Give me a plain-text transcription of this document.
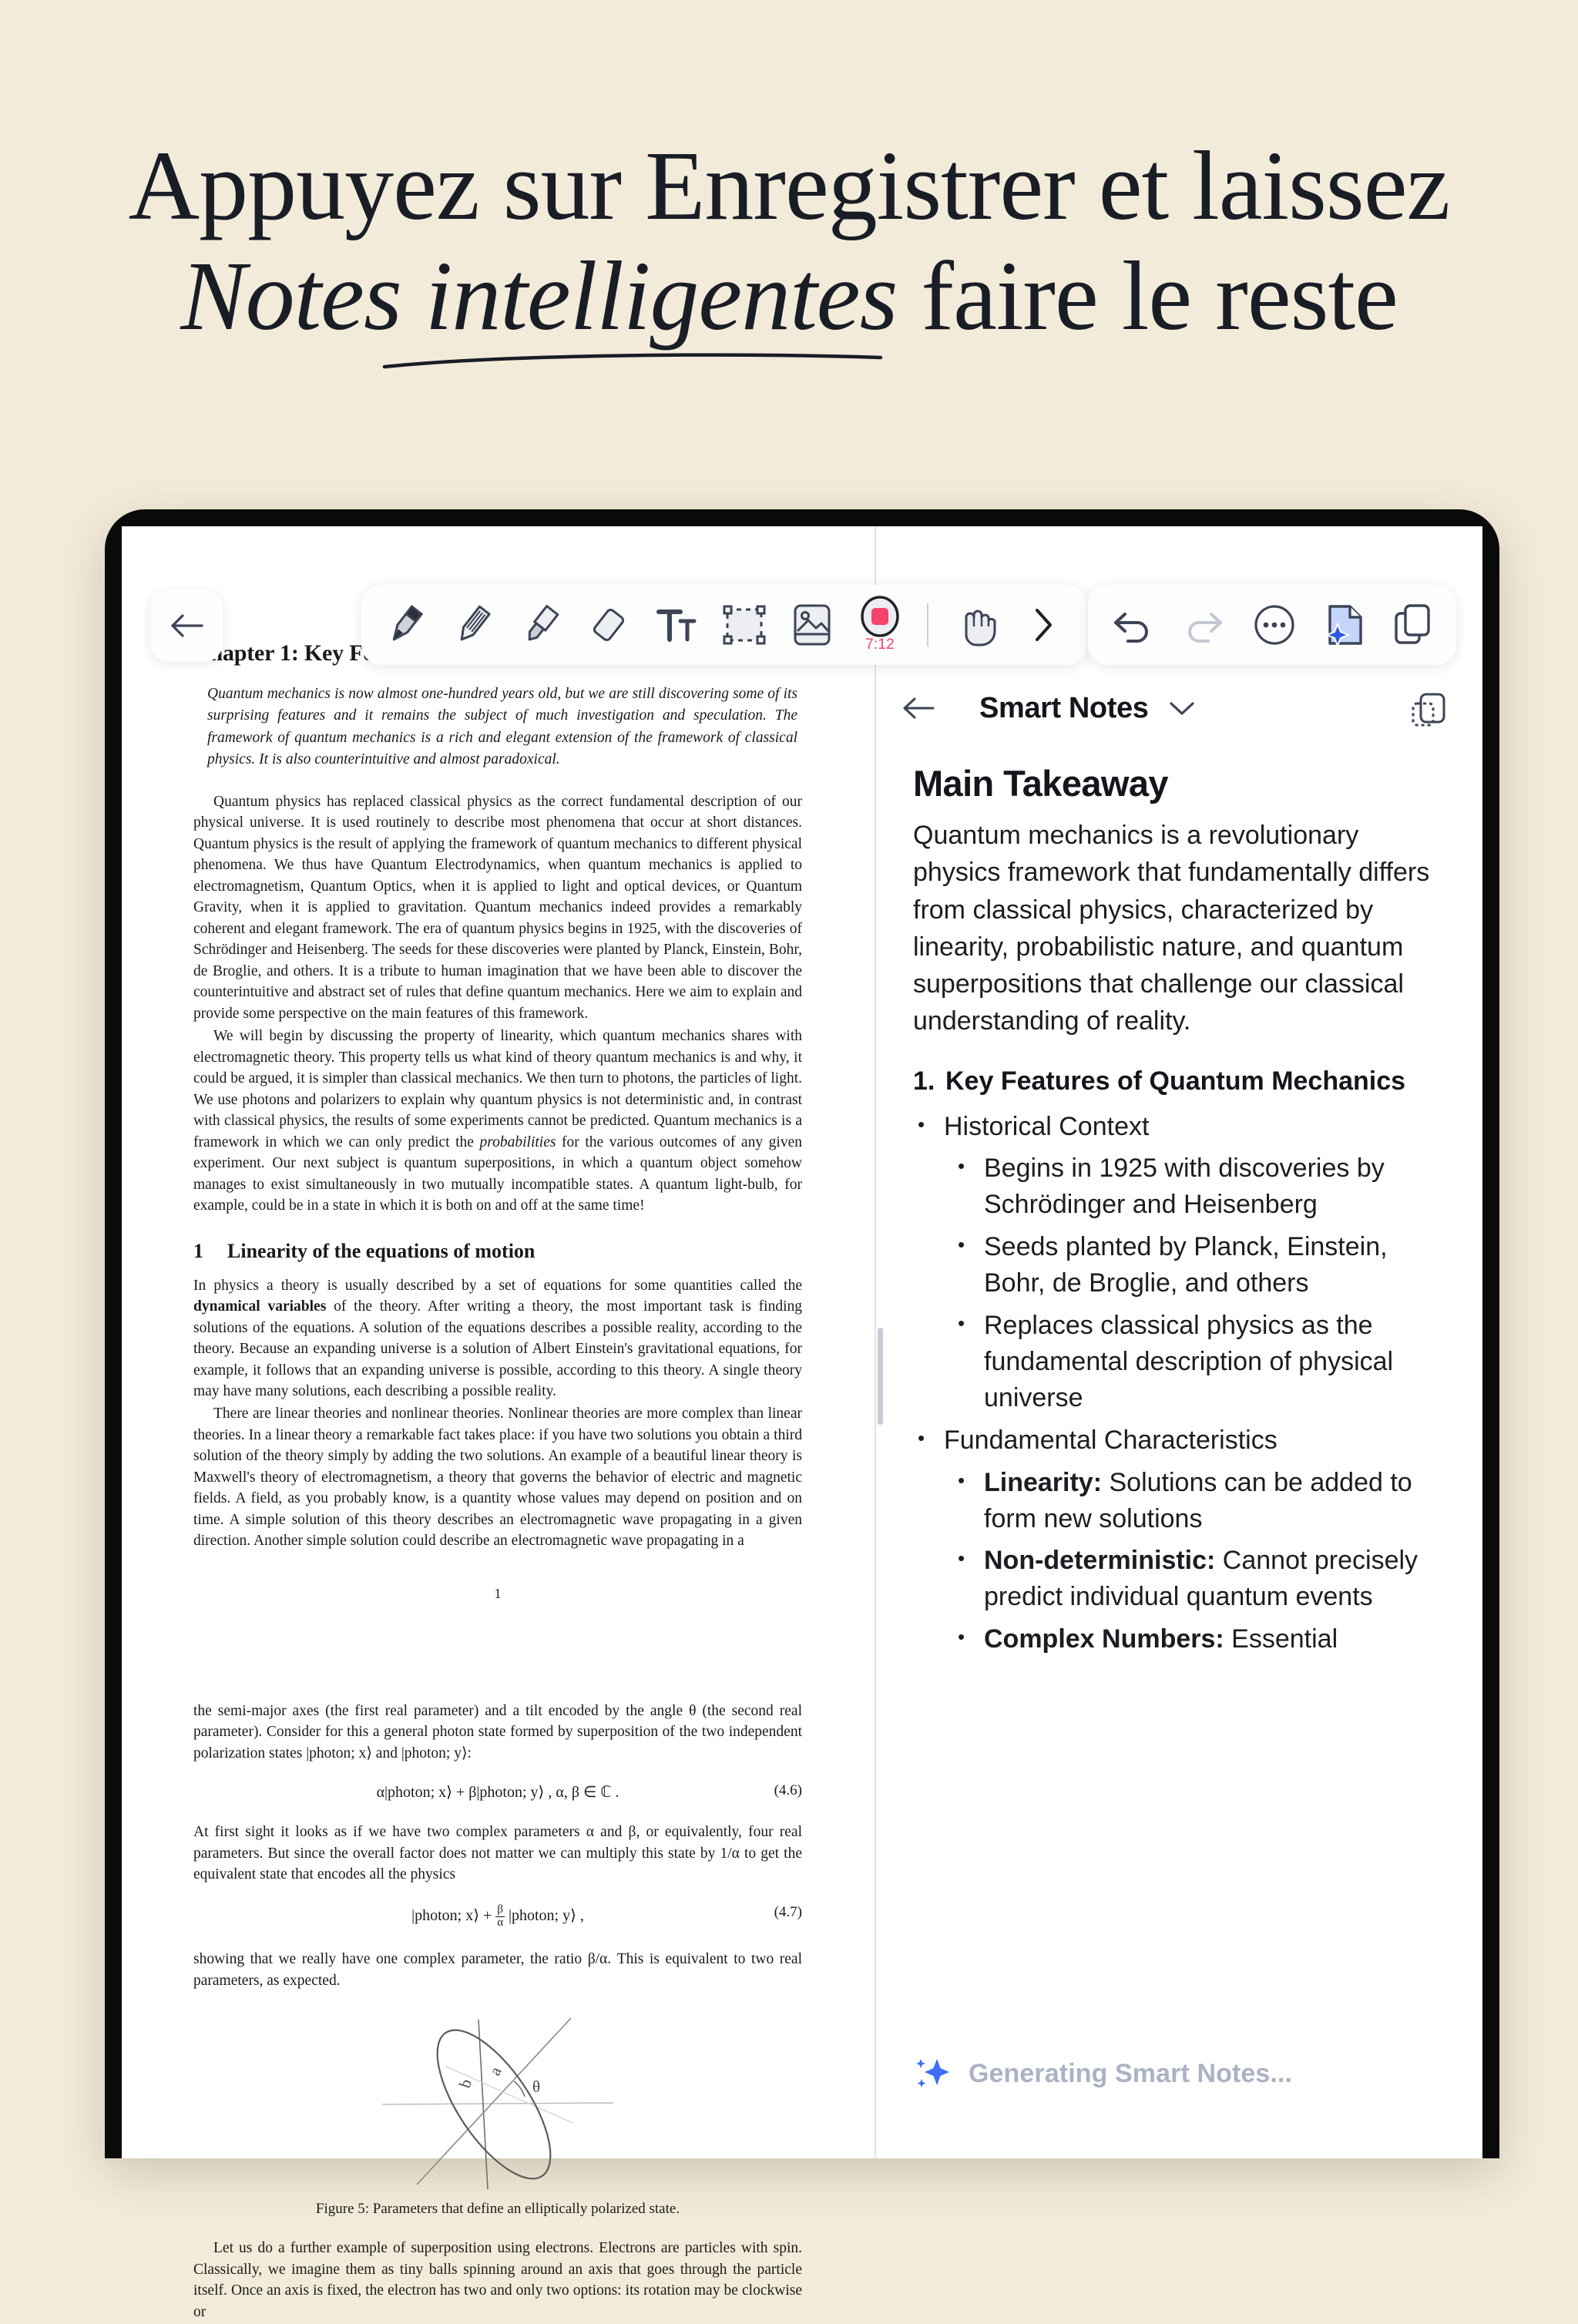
Appuyez sur Enregistrer et laissez
Notes intelligentes faire le reste
Chapter 1: Key
Quantum mechanics is now almost one-hundred years old, but we are still discovering some of its surprising features and it remains the subject of much investigation and speculation. The framework of quantum mechanics is a rich and elegant extension of the framework of classical physics. It is also counterintuitive and almost paradoxical.
Quantum physics has replaced classical physics as the correct fundamental description of our physical universe. It is used routinely to describe most phenomena that occur at short distances. Quantum physics is the result of applying the framework of quantum mechanics to different physical phenomena. We thus have Quantum Electrodynamics, when quantum mechanics is applied to electromagnetism, Quantum Optics, when it is applied to light and optical devices, or Quantum Gravity, when it is applied to gravitation. Quantum mechanics indeed provides a remarkably coherent and elegant framework. The era of quantum physics begins in 1925, with the discoveries of Schrödinger and Heisenberg. The seeds for these discoveries were planted by Planck, Einstein, Bohr, de Broglie, and others. It is a tribute to human imagination that we have been able to discover the counterintuitive and abstract set of rules that define quantum mechanics. Here we aim to explain and provide some perspective on the main features of this framework.
We will begin by discussing the property of linearity, which quantum mechanics shares with electromagnetic theory. This property tells us what kind of theory quantum mechanics is and why, it could be argued, it is simpler than classical mechanics. We then turn to photons, the particles of light. We use photons and polarizers to explain why quantum physics is not deterministic and, in contrast with classical physics, the results of some experiments cannot be predicted. Quantum mechanics is a framework in which we can only predict the probabilities for the various outcomes of any given experiment. Our next subject is quantum superpositions, in which a quantum object somehow manages to exist simultaneously in two mutually incompatible states. A quantum light-bulb, for example, could be in a state in which it is both on and off at the same time!
1 Linearity of the equations of motion
In physics a theory is usually described by a set of equations for some quantities called the dynamical variables of the theory. After writing a theory, the most important task is finding solutions of the equations. A solution of the equations describes a possible reality, according to the theory. Because an expanding universe is a solution of Albert Einstein's gravitational equations, for example, it follows that an expanding universe is possible, according to this theory. A single theory may have many solutions, each describing a possible reality.
There are linear theories and nonlinear theories. Nonlinear theories are more complex than linear theories. In a linear theory a remarkable fact takes place: if you have two solutions you obtain a third solution of the theory simply by adding the two solutions. An example of a beautiful linear theory is Maxwell's theory of electromagnetism, a theory that governs the behavior of electric and magnetic fields. A field, as you probably know, is a quantity whose values may depend on position and on time. A simple solution of this theory describes an electromagnetic wave propagating in a given direction. Another simple solution could describe an electromagnetic wave propagating in a
1
the semi-major axes (the first real parameter) and a tilt encoded by the angle θ (the second real parameter). Consider for this a general photon state formed by superposition of the two independent polarization states |photon; x⟩ and |photon; y⟩:
α|photon; x⟩ + β|photon; y⟩ , α, β ∈ ℂ .	(4.6)
At first sight it looks as if we have two complex parameters α and β, or equivalently, four real parameters. But since the overall factor does not matter we can multiply this state by 1/α to get the equivalent state that encodes all the physics
|photon; x⟩ + $\frac{\beta}{\alpha}$ |photon; y⟩ ,	(4.7)
showing that we really have one complex parameter, the ratio β/α. This is equivalent to two real parameters, as expected.
b
a
θ
Figure 5: Parameters that define an elliptically polarized state.
Let us do a further example of superposition using electrons. Electrons are particles with spin. Classically, we imagine them as tiny balls spinning around an axis that goes through the particle itself. Once an axis is fixed, the electron has two and only two options: its rotation may be clockwise or
Smart Notes
Main Takeaway
Quantum mechanics is a revolutionary physics framework that fundamentally differs from classical physics, characterized by linearity, probabilistic nature, and quantum superpositions that challenge our classical understanding of reality.
1. Key Features of Quantum Mechanics
• Historical Context
• Begins in 1925 with discoveries by Schrödinger and Heisenberg
• Seeds planted by Planck, Einstein, Bohr, de Broglie, and others
• Replaces classical physics as the fundamental description of physical universe
• Fundamental Characteristics
• Linearity: Solutions can be added to form new solutions
• Non-deterministic: Cannot precisely predict individual quantum events
• Complex Numbers: Essential
Generating Smart Notes...
7:12
